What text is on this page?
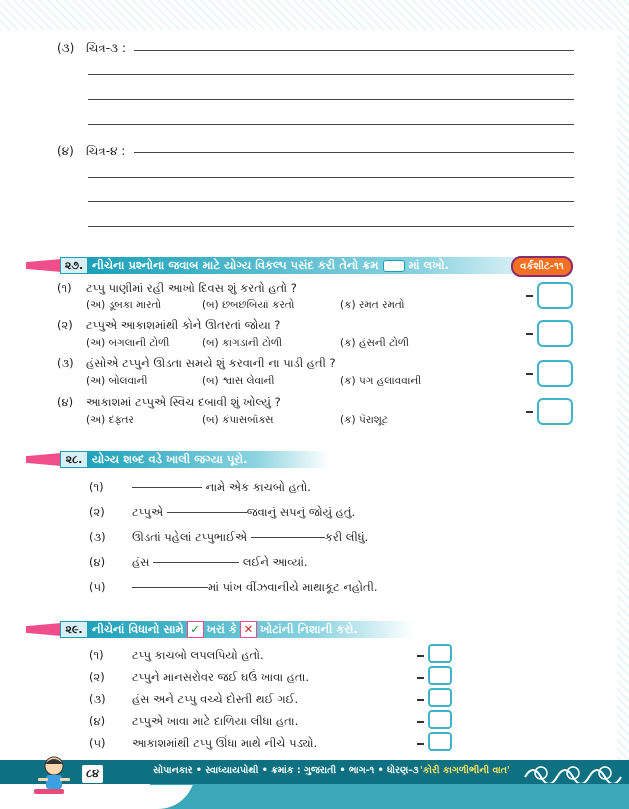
(૩) ચિત્ર-૩ :
(૪) ચિત્ર-૪ :
૨૭. નીચેના પ્રશ્નોના જવાબ માટે યોગ્ય વિકલ્પ પસંદ કરી તેનો ક્રમ	માં લખો.	વર્કશીટ-૧૧
(૧) ટપ્પુ પાણીમાં રહી આખો દિવસ શું કરતો હતો ?
(અ) ડૂબકા મારતો	(બ) છબછબિયાં કરતો	(ક) રમત રમતો
(૨) ટપ્પુએ આકાશમાંથી કોને ઊતરતાં જોયા ?
(અ) બગલાની ટોળી	(બ) કાગડાની ટોળી	(ક) હંસની ટોળી
(૩) હંસોએ ટપ્પુને ઊડતા સમયે શું કરવાની ના પાડી હતી ?
(અ) બોલવાની	(બ) શ્વાસ લેવાની	(ક) પગ હલાવવાની
(૪) આકાશમાં ટપ્પુએ સ્વિચ દબાવી શું ખોલ્યું ?
(અ) દફ્તર	(બ) કંપાસબૉક્સ	(ક) પૅરાશૂટ
૨૮. યોગ્ય શબ્દ વડે ખાલી જગ્યા પૂરો.
(૧)	નામે એક કાચબો હતો.
(૨) ટપ્પુએ	જવાનું સપનું જોયું હતું.
(૩) ઊડતાં પહેલાં ટપ્પુભાઈએ	કરી લીધું.
(૪) હંસ	લઈને આવ્યાં.
(૫)	માં પાંખ વીંઝવાનીયે માથાકૂટ નહોતી.
૨૯. નીચેનાં વિધાનો સામે ✓ ખરાં કે ✕ ખોટાંની નિશાની કરો.
(૧) ટપ્પુ કાચબો લપલપિયો હતો.
(૨) ટપ્પુને માનસરોવર જઈ ઘઉં ખાવા હતા.
(૩) હંસ અને ટપ્પુ વચ્ચે દોસ્તી થઈ ગઈ.
(૪) ટપ્પુએ ખાવા માટે દાળિયા લીધા હતા.
(૫) આકાશમાંથી ટપ્પુ ઊંધા માથે નીચે પડ્યો.
સોપાનકાર • સ્વાધ્યાયપોથી • ક્રમાંક : ગુજરાતી • ભાગ-૧ • ધોરણ-૩ 'કોરી કાગળીભીની વાત'
૮૪
